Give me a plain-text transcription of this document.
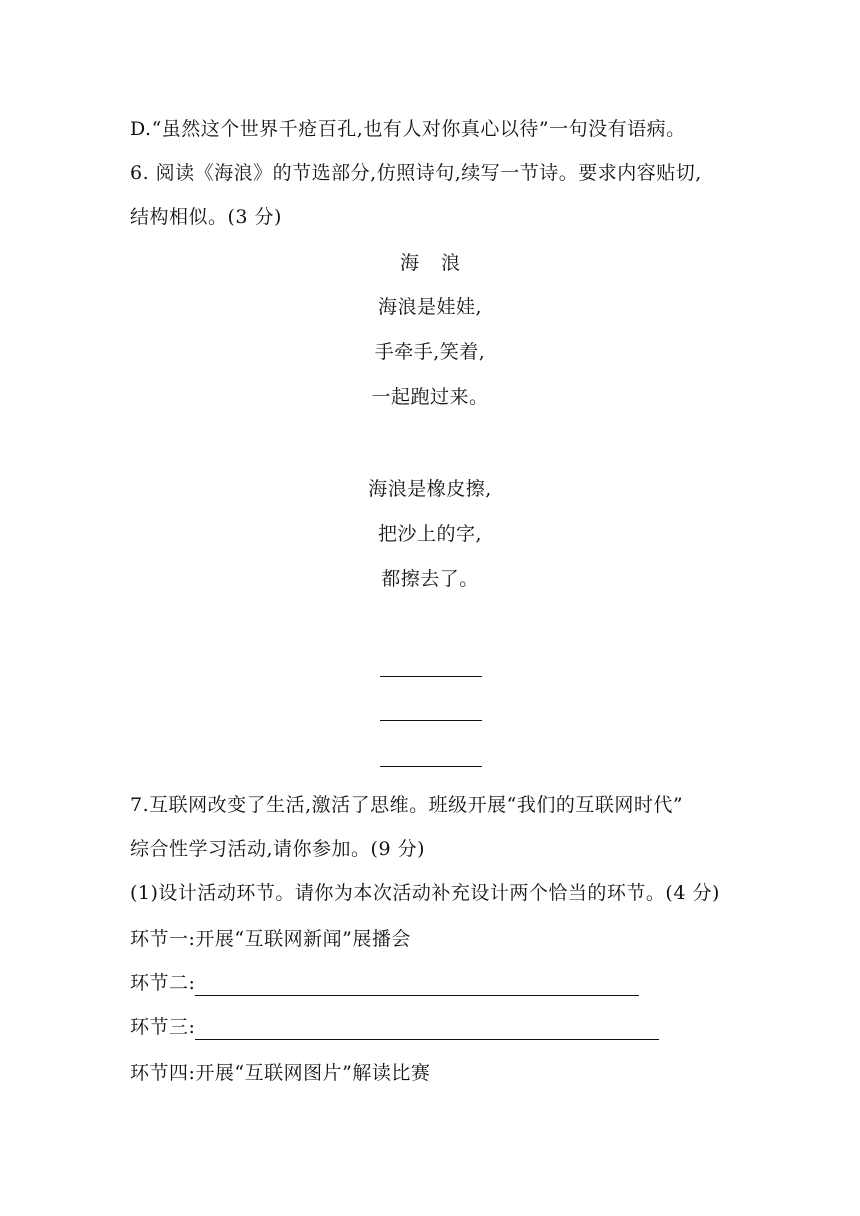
D.“虽然这个世界千疮百孔,也有人对你真心以待”一句没有语病。
6. 阅读《海浪》的节选部分,仿照诗句,续写一节诗。要求内容贴切,
结构相似。(3 分)
海 浪
海浪是娃娃,
手牵手,笑着,
一起跑过来。
海浪是橡皮擦,
把沙上的字,
都擦去了。
7.互联网改变了生活,激活了思维。班级开展“我们的互联网时代”
综合性学习活动,请你参加。(9 分)
(1)设计活动环节。请你为本次活动补充设计两个恰当的环节。(4 分)
环节一:开展“互联网新闻”展播会
环节二:
环节三:
环节四:开展“互联网图片”解读比赛
